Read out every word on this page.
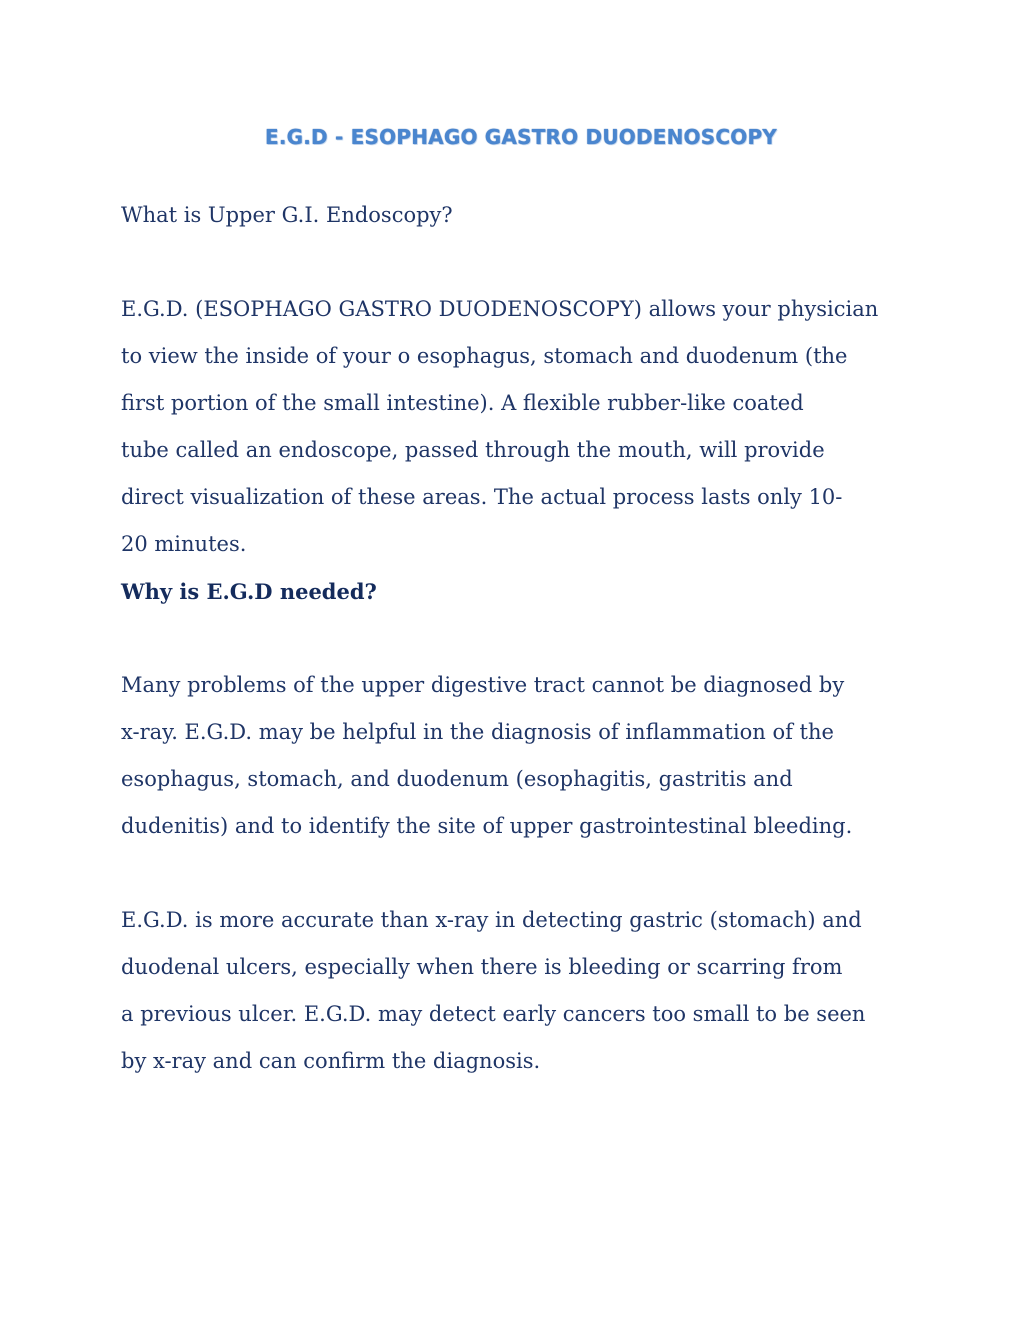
E.G.D - ESOPHAGO GASTRO DUODENOSCOPY

What is Upper G.I. Endoscopy?

E.G.D. (ESOPHAGO GASTRO DUODENOSCOPY) allows your physician
to view the inside of your o esophagus, stomach and duodenum (the
first portion of the small intestine). A flexible rubber-like coated
tube called an endoscope, passed through the mouth, will provide
direct visualization of these areas. The actual process lasts only 10-
20 minutes.

Why is E.G.D needed?

Many problems of the upper digestive tract cannot be diagnosed by
x-ray. E.G.D. may be helpful in the diagnosis of inflammation of the
esophagus, stomach, and duodenum (esophagitis, gastritis and
dudenitis) and to identify the site of upper gastrointestinal bleeding.

E.G.D. is more accurate than x-ray in detecting gastric (stomach) and
duodenal ulcers, especially when there is bleeding or scarring from
a previous ulcer. E.G.D. may detect early cancers too small to be seen
by x-ray and can confirm the diagnosis.
